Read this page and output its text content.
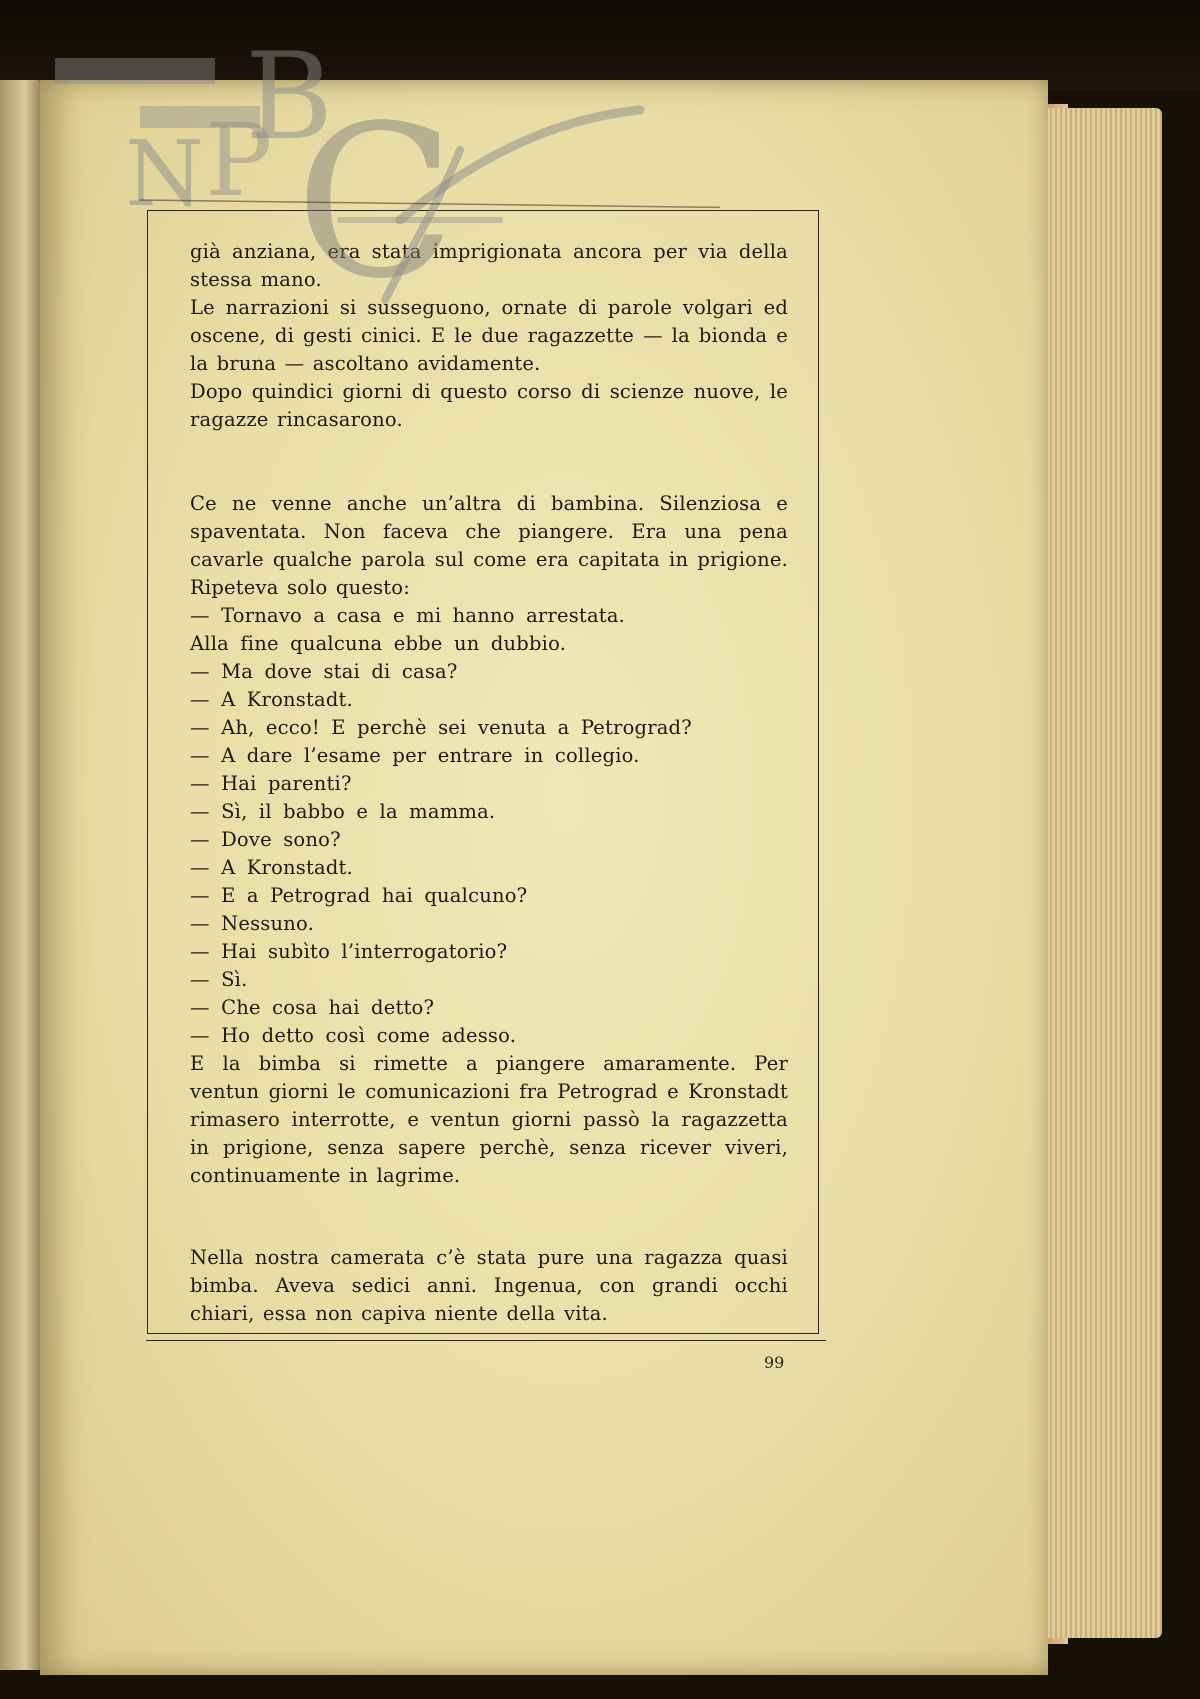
già anziana, era stata imprigionata ancora per via della stessa mano.

Le narrazioni si susseguono, ornate di parole volgari ed oscene, di gesti cinici. E le due ragazzette — la bionda e la bruna — ascoltano avidamente.

Dopo quindici giorni di questo corso di scienze nuove, le ragazze rincasarono.

Ce ne venne anche un’altra di bambina. Silenziosa e spaventata. Non faceva che piangere. Era una pena cavarle qualche parola sul come era capitata in prigione. Ripeteva solo questo:

— Tornavo a casa e mi hanno arrestata.

Alla fine qualcuna ebbe un dubbio.

— Ma dove stai di casa?

— A Kronstadt.

— Ah, ecco! E perchè sei venuta a Petrograd?

— A dare l’esame per entrare in collegio.

— Hai parenti?

— Sì, il babbo e la mamma.

— Dove sono?

— A Kronstadt.

— E a Petrograd hai qualcuno?

— Nessuno.

— Hai subìto l’interrogatorio?

— Sì.

— Che cosa hai detto?

— Ho detto così come adesso.

E la bimba si rimette a piangere amaramente. Per ventun giorni le comunicazioni fra Petrograd e Kronstadt rimasero interrotte, e ventun giorni passò la ragazzetta in prigione, senza sapere perchè, senza ricever viveri, continuamente in lagrime.

Nella nostra camerata c’è stata pure una ragazza quasi bimba. Aveva sedici anni. Ingenua, con grandi occhi chiari, essa non capiva niente della vita.

99
B
N P C
